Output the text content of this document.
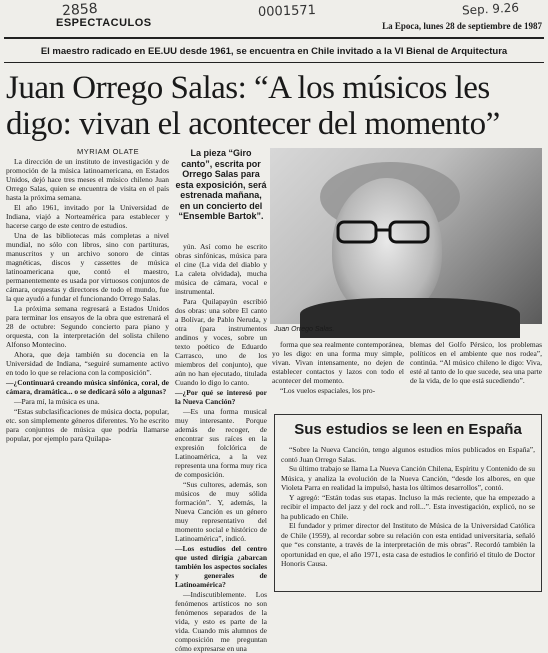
2858	0001571	Sep. 9.26
ESPECTACULOS	La Epoca, lunes 28 de septiembre de 1987
El maestro radicado en EE.UU desde 1961, se encuentra en Chile invitado a la VI Bienal de Arquitectura
Juan Orrego Salas: “A los músicos les digo: vivan el acontecer del momento”
MYRIAM OLATE

La dirección de un instituto de investigación y de promoción de la música latinoamericana, en Estados Unidos, dejó hace tres meses el músico chileno Juan Orrego Salas, quien se encuentra de visita en el país hasta la próxima semana.

El año 1961, invitado por la Universidad de Indiana, viajó a Norteamérica para establecer y hacerse cargo de este centro de estudios.

Una de las bibliotecas más completas a nivel mundial, no sólo con libros, sino con partituras, manuscritos y un archivo sonoro de cintas magnéticas, discos y cassettes de música latinoamericana que, contó el maestro, permanentemente es usada por virtuosos conjuntos de cámara, orquestas y directores de todo el mundo, fue la que ayudó a fundar el funcionando Orrego Salas.

La próxima semana regresará a Estados Unidos para terminar los ensayos de la obra que estrenará el 28 de octubre: Segundo concierto para piano y orquesta, con la interpretación del solista chileno Alfonso Montecino.

Ahora, que deja también su docencia en la Universidad de Indiana, “seguiré sumamente activo en todo lo que se relaciona con la composición”.

—¿Continuará creando música sinfónica, coral, de cámara, dramática... o se dedicará sólo a algunas?

—Para mí, la música es una.

“Estas subclasificaciones de música docta, popular, etc. son simplemente géneros diferentes. Yo he escrito para conjuntos de música que podría llamarse popular, por ejemplo para Quilapa-

La pieza “Giro canto”, escrita por Orrego Salas para esta exposición, será estrenada mañana, en un concierto del “Ensemble Bartok”.

yún. Así como he escrito obras sinfónicas, música para el cine (La vida del diablo y La caleta olvidada), mucha música de cámara, vocal e instrumental.

Para Quilapayún escribió dos obras: una sobre El canto a Bolívar, de Pablo Neruda, y otra (para instrumentos andinos y voces, sobre un texto poético de Eduardo Carrasco, uno de los miembros del conjunto), que aún no han ejecutado, titulada Cuando lo digo lo canto.

—¿Por qué se interesó por la Nueva Canción?

—Es una forma musical muy interesante. Porque además de recoger, de encontrar sus raíces en la expresión folclórica de Latinoamérica, a la vez representa una forma muy rica de composición.

“Sus cultores, además, son músicos de muy sólida formación”. Y, además, la Nueva Canción es un género muy representativo del momento social e histórico de Latinoamérica”, indicó.

—Los estudios del centro que usted dirigía ¿abarcan también los aspectos sociales y generales de Latinoamérica?

—Indiscutiblemente. Los fenómenos artísticos no son fenómenos separados de la vida, y esto es parte de la vida. Cuando mis alumnos de composición me preguntan cómo expresarse en una

Juan Orrego Salas.

forma que sea realmente contemporánea, yo les digo: en una forma muy simple, vivan. Vivan intensamente, no dejen de establecer contactos y lazos con todo el acontecer del momento.

“Los vuelos espaciales, los pro-

blemas del Golfo Pérsico, los problemas políticos en el ambiente que nos rodea”, continúa. “Al músico chileno le digo: Viva, esté al tanto de lo que sucede, sea una parte de la vida, de lo que está sucediendo”.

Sus estudios se leen en España

“Sobre la Nueva Canción, tengo algunos estudios míos publicados en España”, contó Juan Orrego Salas.

Su último trabajo se llama La Nueva Canción Chilena, Espíritu y Contenido de su Música, y analiza la evolución de la Nueva Canción, “desde los albores, en que Violeta Parra en realidad la impulsó, hasta los últimos desarrollos”, contó.

Y agregó: “Están todas sus etapas. Incluso la más reciente, que ha empezado a recibir el impacto del jazz y del rock and roll...”. Esta investigación, explicó, no se ha publicado en Chile.

El fundador y primer director del Instituto de Música de la Universidad Católica de Chile (1959), al recordar sobre su relación con esta entidad universitaria, señaló que “es constante, a través de la interpretación de mis obras”. Recordó también la oportunidad en que, el año 1971, esta casa de estudios le confirió el título de Doctor Honoris Causa.
